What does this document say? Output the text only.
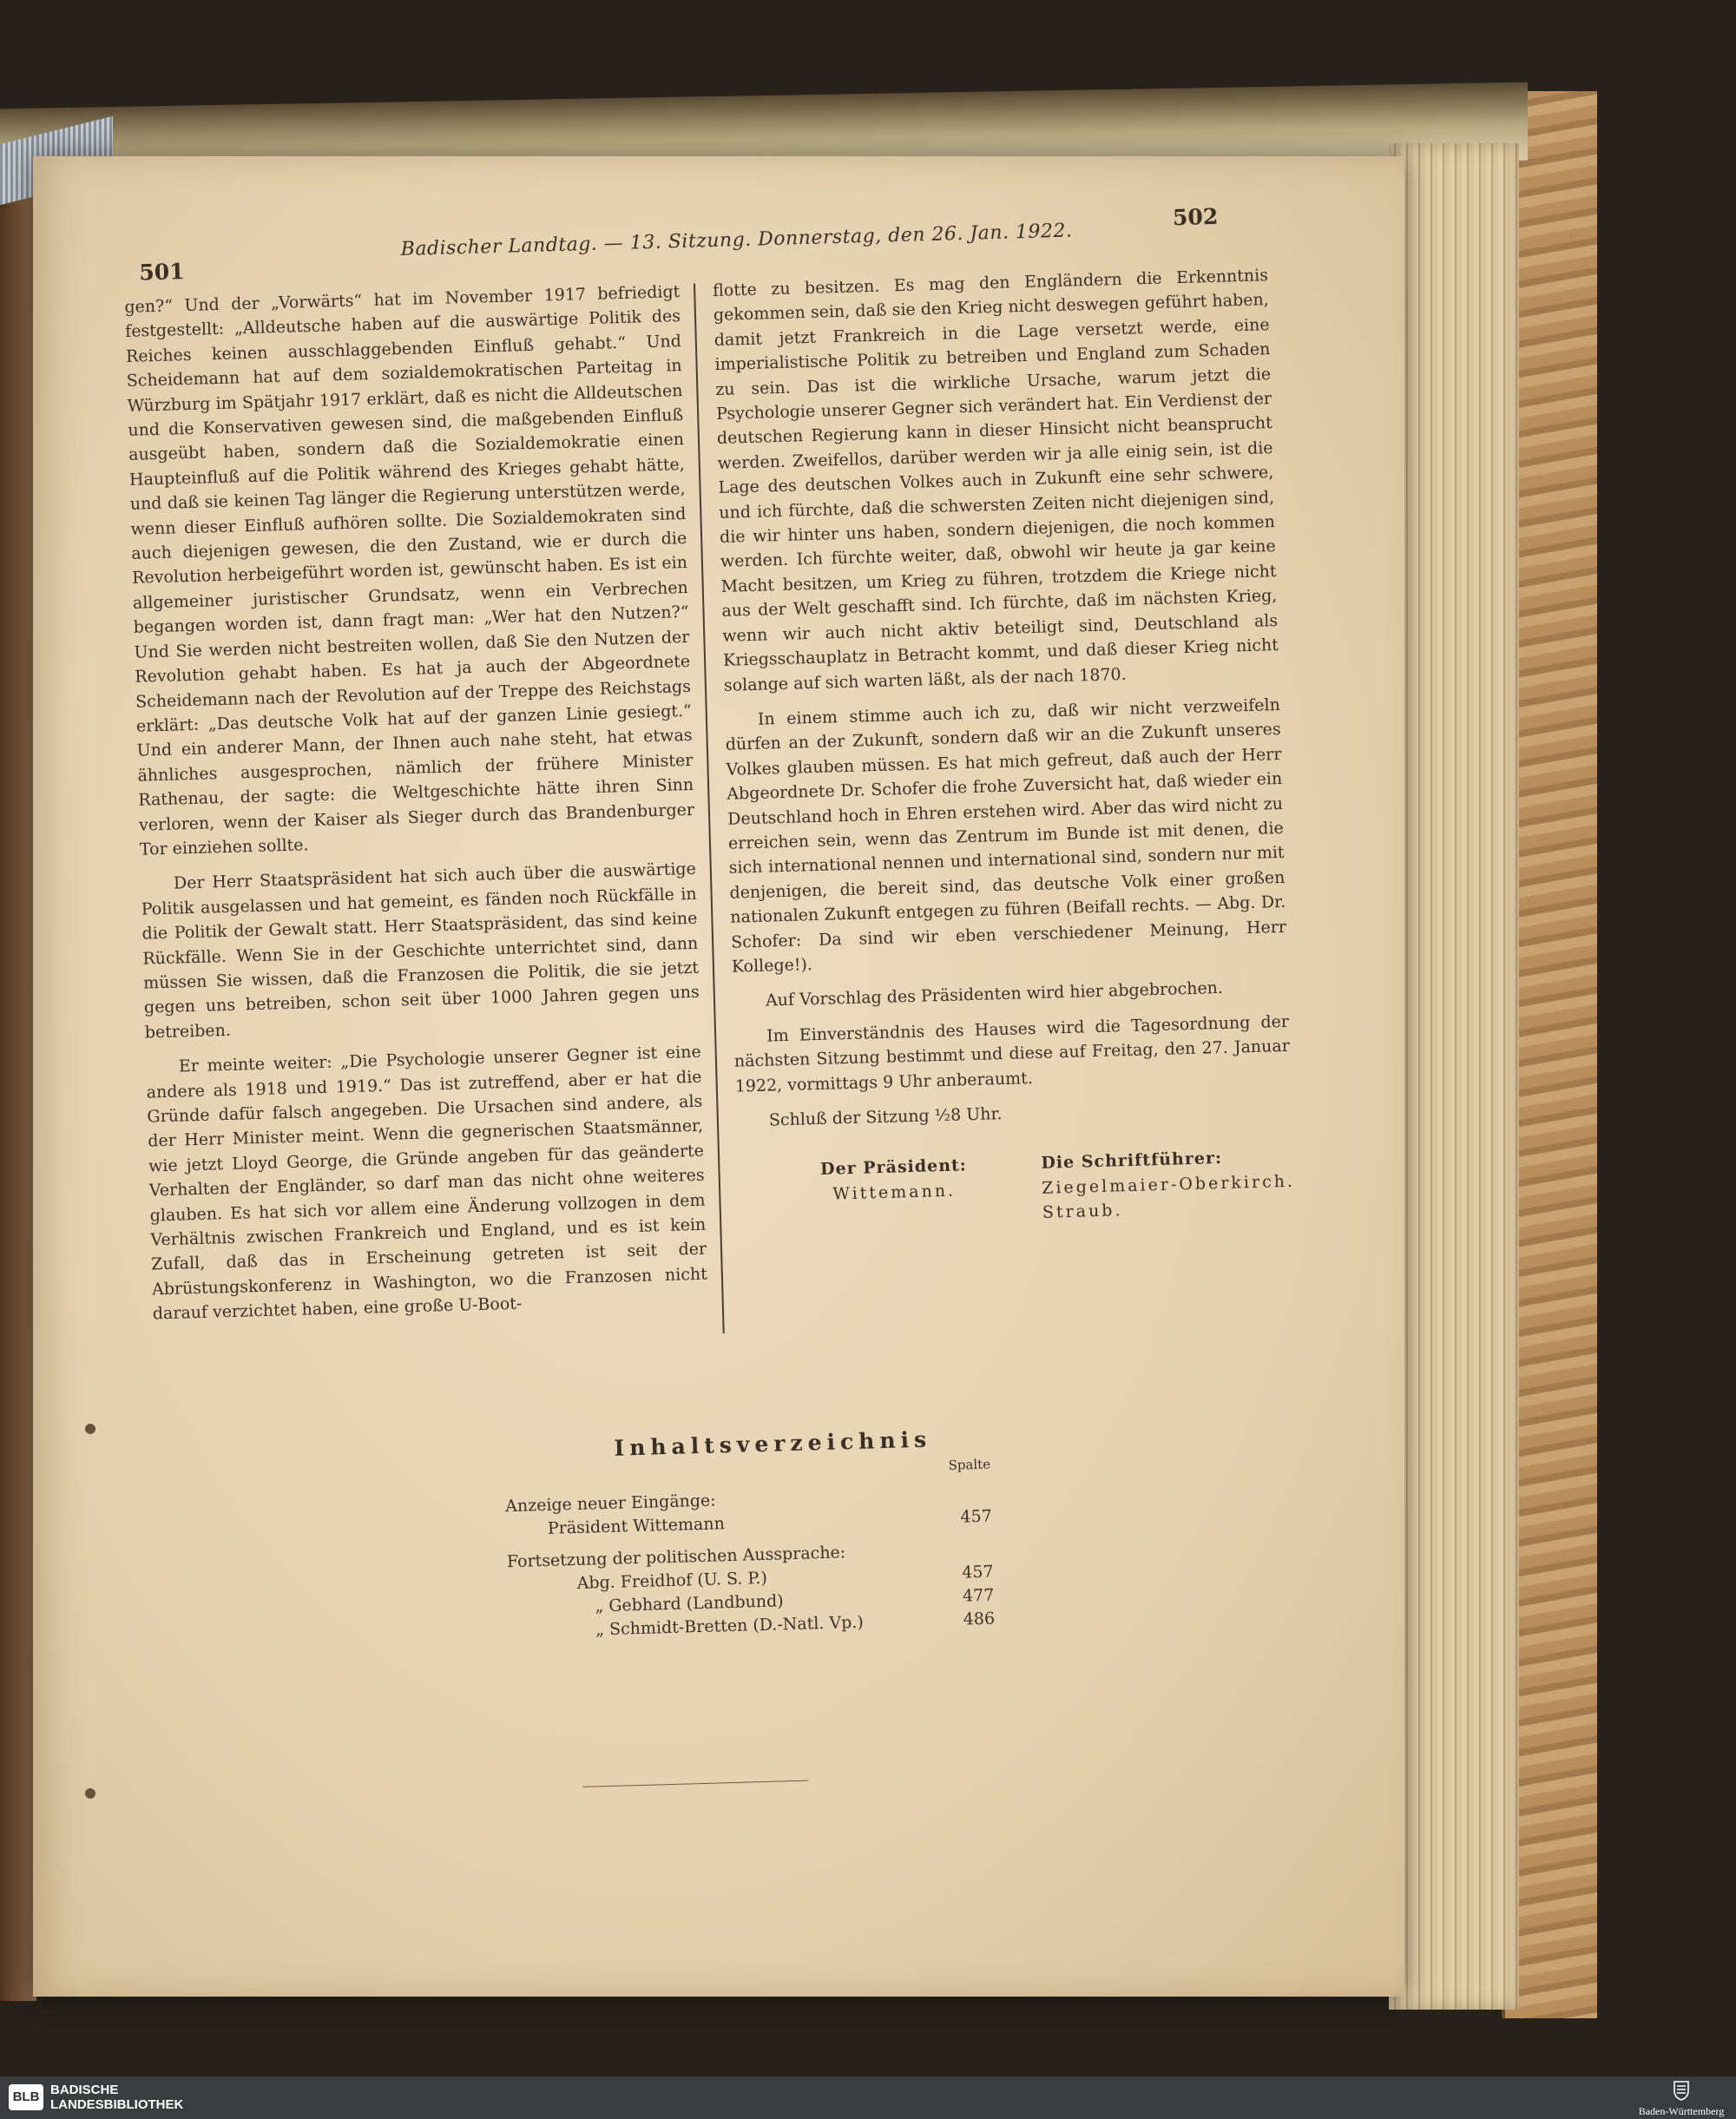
501
Badischer Landtag. — 13. Sitzung. Donnerstag, den 26. Jan. 1922.
502

gen?“ Und der „Vorwärts“ hat im November 1917 befriedigt festgestellt: „Alldeutsche haben auf die auswärtige Politik des Reiches keinen ausschlaggebenden Einfluß gehabt.“ Und Scheidemann hat auf dem sozialdemokratischen Parteitag in Würzburg im Spätjahr 1917 erklärt, daß es nicht die Alldeutschen und die Konservativen gewesen sind, die maßgebenden Einfluß ausgeübt haben, sondern daß die Sozialdemokratie einen Haupteinfluß auf die Politik während des Krieges gehabt hätte, und daß sie keinen Tag länger die Regierung unterstützen werde, wenn dieser Einfluß aufhören sollte. Die Sozialdemokraten sind auch diejenigen gewesen, die den Zustand, wie er durch die Revolution herbeigeführt worden ist, gewünscht haben. Es ist ein allgemeiner juristischer Grundsatz, wenn ein Verbrechen begangen worden ist, dann fragt man: „Wer hat den Nutzen?“ Und Sie werden nicht bestreiten wollen, daß Sie den Nutzen der Revolution gehabt haben. Es hat ja auch der Abgeordnete Scheidemann nach der Revolution auf der Treppe des Reichstags erklärt: „Das deutsche Volk hat auf der ganzen Linie gesiegt.“ Und ein anderer Mann, der Ihnen auch nahe steht, hat etwas ähnliches ausgesprochen, nämlich der frühere Minister Rathenau, der sagte: die Weltgeschichte hätte ihren Sinn verloren, wenn der Kaiser als Sieger durch das Brandenburger Tor einziehen sollte.

Der Herr Staatspräsident hat sich auch über die auswärtige Politik ausgelassen und hat gemeint, es fänden noch Rückfälle in die Politik der Gewalt statt. Herr Staatspräsident, das sind keine Rückfälle. Wenn Sie in der Geschichte unterrichtet sind, dann müssen Sie wissen, daß die Franzosen die Politik, die sie jetzt gegen uns betreiben, schon seit über 1000 Jahren gegen uns betreiben.

Er meinte weiter: „Die Psychologie unserer Gegner ist eine andere als 1918 und 1919.“ Das ist zutreffend, aber er hat die Gründe dafür falsch angegeben. Die Ursachen sind andere, als der Herr Minister meint. Wenn die gegnerischen Staatsmänner, wie jetzt Lloyd George, die Gründe angeben für das geänderte Verhalten der Engländer, so darf man das nicht ohne weiteres glauben. Es hat sich vor allem eine Änderung vollzogen in dem Verhältnis zwischen Frankreich und England, und es ist kein Zufall, daß das in Erscheinung getreten ist seit der Abrüstungskonferenz in Washington, wo die Franzosen nicht darauf verzichtet haben, eine große U-Boot-

flotte zu besitzen. Es mag den Engländern die Erkenntnis gekommen sein, daß sie den Krieg nicht deswegen geführt haben, damit jetzt Frankreich in die Lage versetzt werde, eine imperialistische Politik zu betreiben und England zum Schaden zu sein. Das ist die wirkliche Ursache, warum jetzt die Psychologie unserer Gegner sich verändert hat. Ein Verdienst der deutschen Regierung kann in dieser Hinsicht nicht beansprucht werden. Zweifellos, darüber werden wir ja alle einig sein, ist die Lage des deutschen Volkes auch in Zukunft eine sehr schwere, und ich fürchte, daß die schwersten Zeiten nicht diejenigen sind, die wir hinter uns haben, sondern diejenigen, die noch kommen werden. Ich fürchte weiter, daß, obwohl wir heute ja gar keine Macht besitzen, um Krieg zu führen, trotzdem die Kriege nicht aus der Welt geschafft sind. Ich fürchte, daß im nächsten Krieg, wenn wir auch nicht aktiv beteiligt sind, Deutschland als Kriegsschauplatz in Betracht kommt, und daß dieser Krieg nicht solange auf sich warten läßt, als der nach 1870.

In einem stimme auch ich zu, daß wir nicht verzweifeln dürfen an der Zukunft, sondern daß wir an die Zukunft unseres Volkes glauben müssen. Es hat mich gefreut, daß auch der Herr Abgeordnete Dr. Schofer die frohe Zuversicht hat, daß wieder ein Deutschland hoch in Ehren erstehen wird. Aber das wird nicht zu erreichen sein, wenn das Zentrum im Bunde ist mit denen, die sich international nennen und international sind, sondern nur mit denjenigen, die bereit sind, das deutsche Volk einer großen nationalen Zukunft entgegen zu führen (Beifall rechts. — Abg. Dr. Schofer: Da sind wir eben verschiedener Meinung, Herr Kollege!).

Auf Vorschlag des Präsidenten wird hier abgebrochen.

Im Einverständnis des Hauses wird die Tagesordnung der nächsten Sitzung bestimmt und diese auf Freitag, den 27. Januar 1922, vormittags 9 Uhr anberaumt.

Schluß der Sitzung ½8 Uhr.

Der Präsident:
Wittemann.
Die Schriftführer:
Ziegelmaier-Oberkirch.
Straub.
Inhaltsverzeichnis
Spalte
Anzeige neuer Eingänge:
Präsident Wittemann	457
Fortsetzung der politischen Aussprache:
Abg. Freidhof (U. S. P.)	457
„ Gebhard (Landbund)	477
„ Schmidt-Bretten (D.-Natl. Vp.)	486
BLB BADISCHE
LANDESBIBLIOTHEK	Baden-Württemberg
